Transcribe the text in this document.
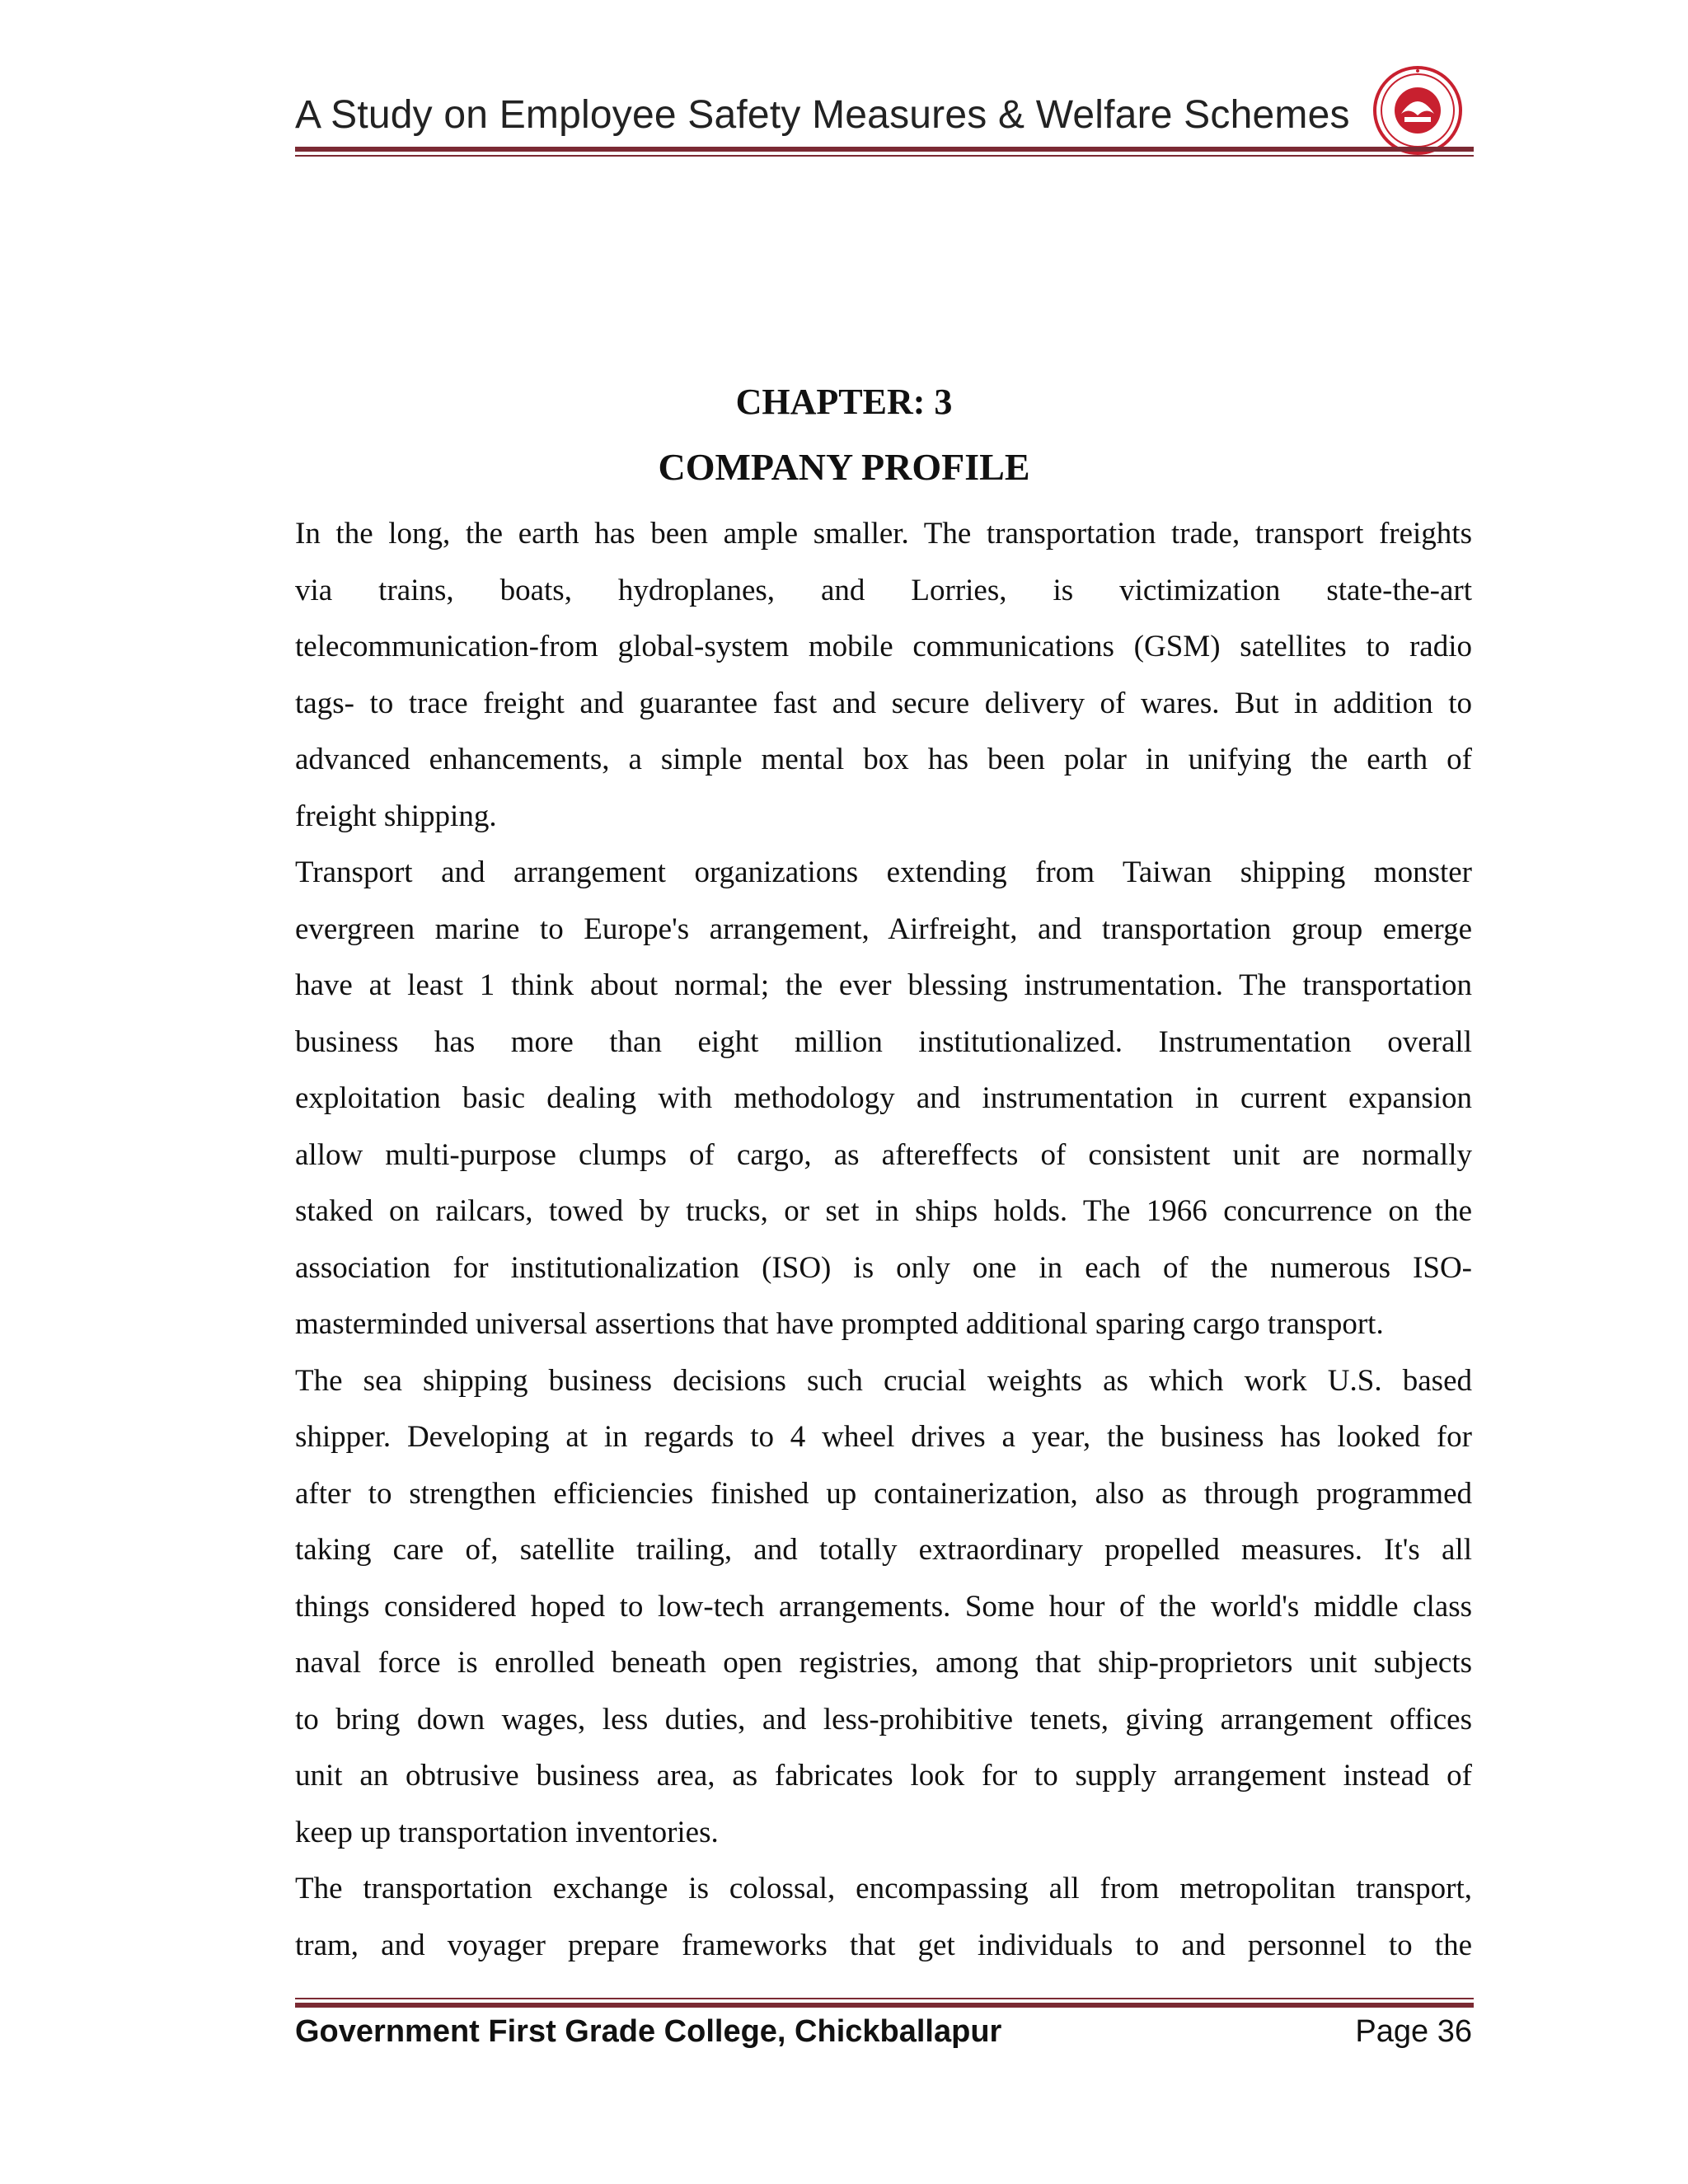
A Study on Employee Safety Measures & Welfare Schemes
CHAPTER: 3
COMPANY PROFILE
In the long, the earth has been ample smaller. The transportation trade, transport freights
via trains, boats, hydroplanes, and Lorries, is victimization state-the-art
telecommunication-from global-system mobile communications (GSM) satellites to radio
tags- to trace freight and guarantee fast and secure delivery of wares. But in addition to
advanced enhancements, a simple mental box has been polar in unifying the earth of
freight shipping.
Transport and arrangement organizations extending from Taiwan shipping monster
evergreen marine to Europe's arrangement, Airfreight, and transportation group emerge
have at least 1 think about normal; the ever blessing instrumentation. The transportation
business has more than eight million institutionalized. Instrumentation overall
exploitation basic dealing with methodology and instrumentation in current expansion
allow multi-purpose clumps of cargo, as aftereffects of consistent unit are normally
staked on railcars, towed by trucks, or set in ships holds. The 1966 concurrence on the
association for institutionalization (ISO) is only one in each of the numerous ISO-
masterminded universal assertions that have prompted additional sparing cargo transport.
The sea shipping business decisions such crucial weights as which work U.S. based
shipper. Developing at in regards to 4 wheel drives a year, the business has looked for
after to strengthen efficiencies finished up containerization, also as through programmed
taking care of, satellite trailing, and totally extraordinary propelled measures. It's all
things considered hoped to low-tech arrangements. Some hour of the world's middle class
naval force is enrolled beneath open registries, among that ship-proprietors unit subjects
to bring down wages, less duties, and less-prohibitive tenets, giving arrangement offices
unit an obtrusive business area, as fabricates look for to supply arrangement instead of
keep up transportation inventories.
The transportation exchange is colossal, encompassing all from metropolitan transport,
tram, and voyager prepare frameworks that get individuals to and personnel to the
Government First Grade College, Chickballapur	Page 36
